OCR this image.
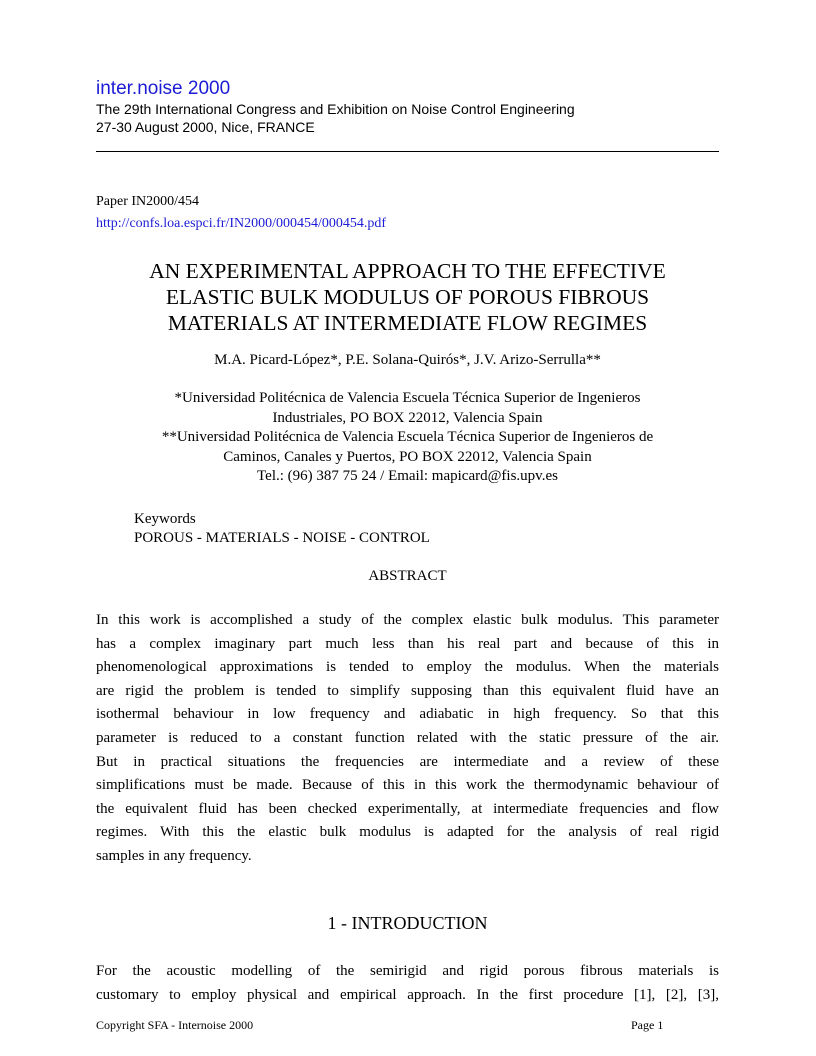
inter.noise 2000
The 29th International Congress and Exhibition on Noise Control Engineering
27-30 August 2000, Nice, FRANCE
Paper IN2000/454
http://confs.loa.espci.fr/IN2000/000454/000454.pdf
AN EXPERIMENTAL APPROACH TO THE EFFECTIVE
ELASTIC BULK MODULUS OF POROUS FIBROUS
MATERIALS AT INTERMEDIATE FLOW REGIMES
M.A. Picard-López*, P.E. Solana-Quirós*, J.V. Arizo-Serrulla**
*Universidad Politécnica de Valencia Escuela Técnica Superior de Ingenieros
Industriales, PO BOX 22012, Valencia Spain
**Universidad Politécnica de Valencia Escuela Técnica Superior de Ingenieros de
Caminos, Canales y Puertos, PO BOX 22012, Valencia Spain
Tel.: (96) 387 75 24 / Email: mapicard@fis.upv.es
Keywords
POROUS - MATERIALS - NOISE - CONTROL
ABSTRACT
In this work is accomplished a study of the complex elastic bulk modulus. This parameter
has a complex imaginary part much less than his real part and because of this in
phenomenological approximations is tended to employ the modulus. When the materials
are rigid the problem is tended to simplify supposing than this equivalent fluid have an
isothermal behaviour in low frequency and adiabatic in high frequency. So that this
parameter is reduced to a constant function related with the static pressure of the air.
But in practical situations the frequencies are intermediate and a review of these
simplifications must be made. Because of this in this work the thermodynamic behaviour of
the equivalent fluid has been checked experimentally, at intermediate frequencies and flow
regimes. With this the elastic bulk modulus is adapted for the analysis of real rigid
samples in any frequency.
1 - INTRODUCTION
For the acoustic modelling of the semirigid and rigid porous fibrous materials is
customary to employ physical and empirical approach. In the first procedure [1], [2], [3],
Copyright SFA - Internoise 2000	Page 1
